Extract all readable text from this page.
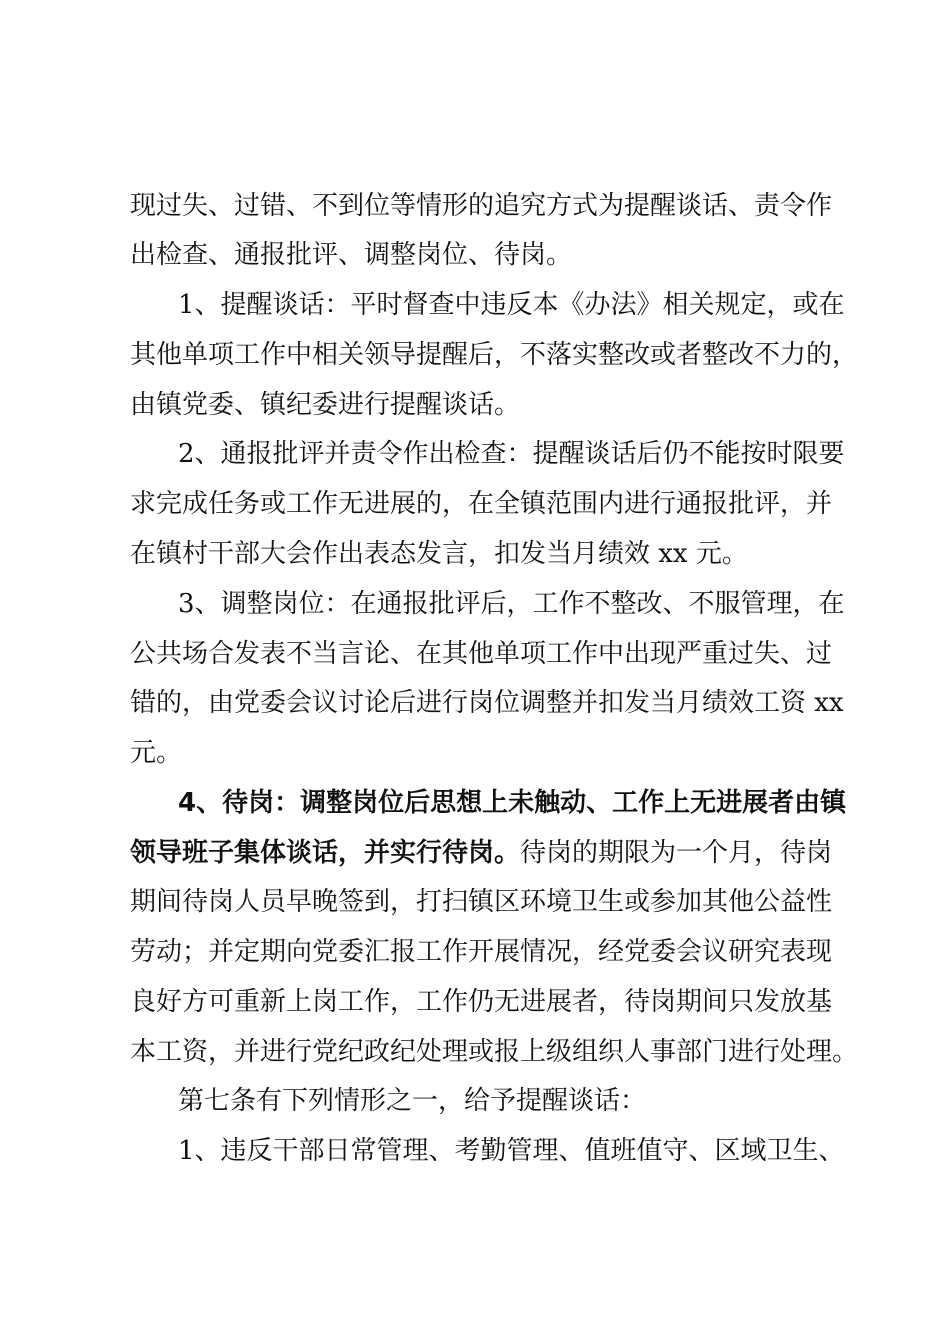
现过失、过错、不到位等情形的追究方式为提醒谈话、责令作
出检查、通报批评、调整岗位、待岗。
1、提醒谈话：平时督查中违反本《办法》相关规定，或在
其他单项工作中相关领导提醒后，不落实整改或者整改不力的，
由镇党委、镇纪委进行提醒谈话。
2、通报批评并责令作出检查：提醒谈话后仍不能按时限要
求完成任务或工作无进展的，在全镇范围内进行通报批评，并
在镇村干部大会作出表态发言，扣发当月绩效 xx 元。
3、调整岗位：在通报批评后，工作不整改、不服管理，在
公共场合发表不当言论、在其他单项工作中出现严重过失、过
错的，由党委会议讨论后进行岗位调整并扣发当月绩效工资 xx
元。
4、待岗：调整岗位后思想上未触动、工作上无进展者由镇
领导班子集体谈话，并实行待岗。待岗的期限为一个月，待岗
期间待岗人员早晚签到，打扫镇区环境卫生或参加其他公益性
劳动；并定期向党委汇报工作开展情况，经党委会议研究表现
良好方可重新上岗工作，工作仍无进展者，待岗期间只发放基
本工资，并进行党纪政纪处理或报上级组织人事部门进行处理。
第七条有下列情形之一，给予提醒谈话：
1、违反干部日常管理、考勤管理、值班值守、区域卫生、
